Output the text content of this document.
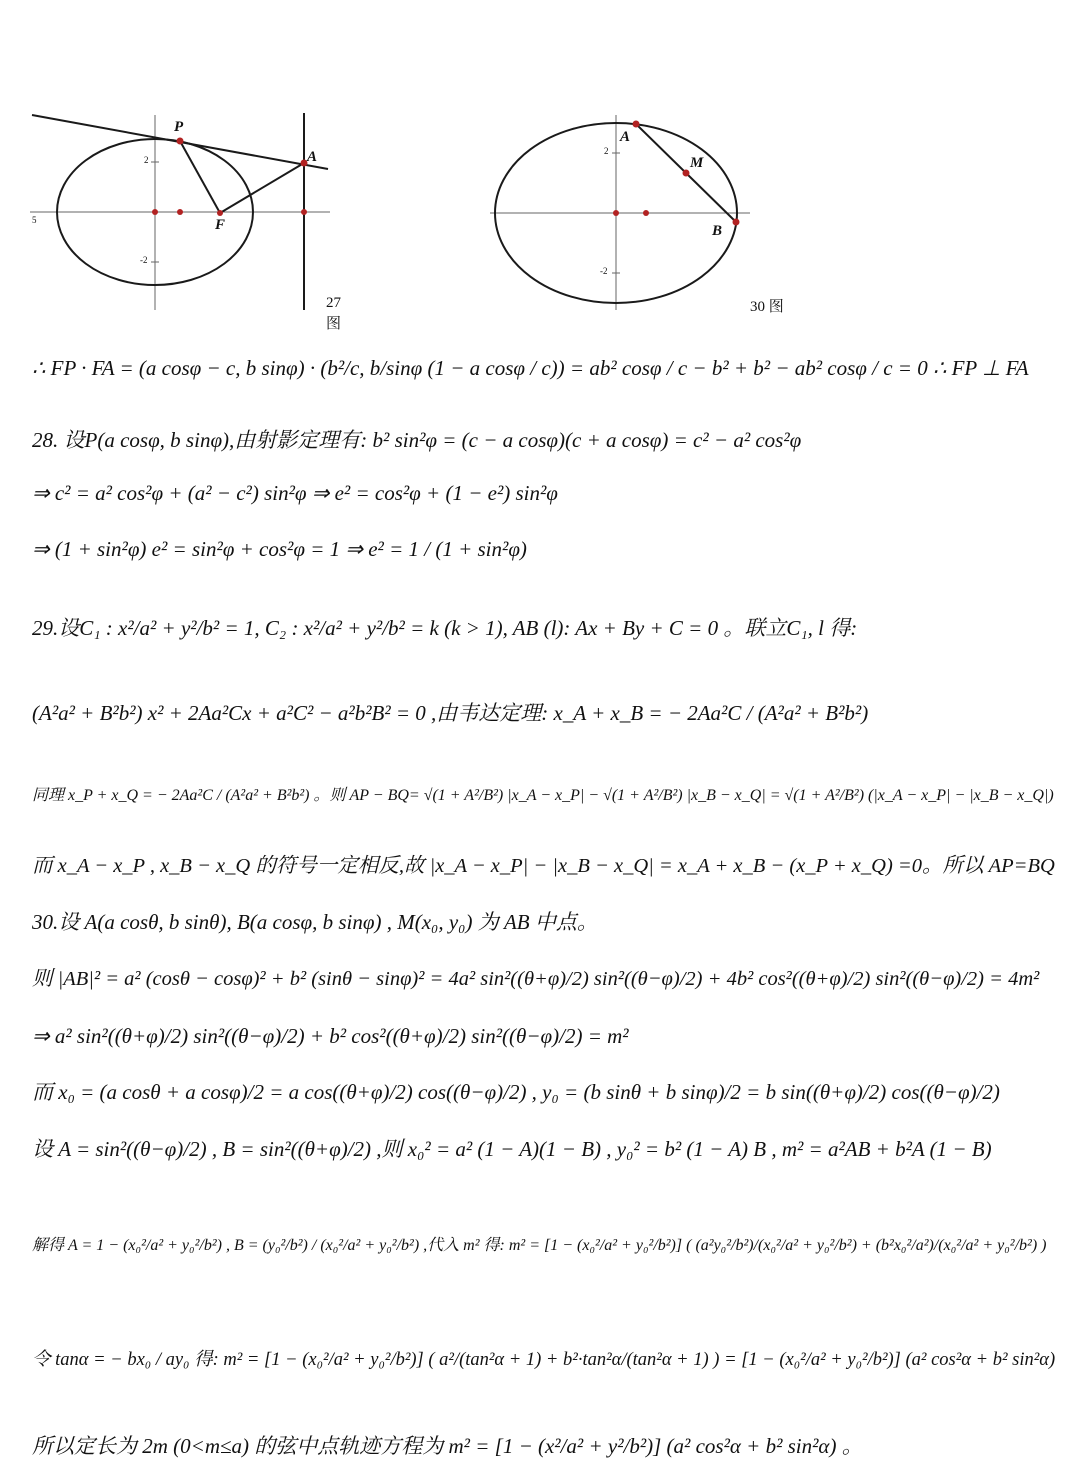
P
A
F
2
-2
5
27 图
A
M
B
2
-2
30 图
∴ FP · FA = (a cosφ − c, b sinφ) · (b²/c, b/sinφ (1 − a cosφ / c)) = ab² cosφ / c − b² + b² − ab² cosφ / c = 0 ∴ FP ⊥ FA
28. 设P(a cosφ, b sinφ),由射影定理有: b² sin²φ = (c − a cosφ)(c + a cosφ) = c² − a² cos²φ
⇒ c² = a² cos²φ + (a² − c²) sin²φ ⇒ e² = cos²φ + (1 − e²) sin²φ
⇒ (1 + sin²φ) e² = sin²φ + cos²φ = 1 ⇒ e² = 1 / (1 + sin²φ)
29.设C₁ : x²/a² + y²/b² = 1, C₂ : x²/a² + y²/b² = k (k > 1), AB (l): Ax + By + C = 0 。联立C₁, l 得:
(A²a² + B²b²) x² + 2Aa²Cx + a²C² − a²b²B² = 0 ,由韦达定理: x_A + x_B = − 2Aa²C / (A²a² + B²b²)
同理 x_P + x_Q = − 2Aa²C / (A²a² + B²b²) 。则 AP − BQ= √(1 + A²/B²) |x_A − x_P| − √(1 + A²/B²) |x_B − x_Q| = √(1 + A²/B²) (|x_A − x_P| − |x_B − x_Q|)
而 x_A − x_P , x_B − x_Q 的符号一定相反,故 |x_A − x_P| − |x_B − x_Q| = x_A + x_B − (x_P + x_Q) =0。所以 AP=BQ
30.设 A(a cosθ, b sinθ), B(a cosφ, b sinφ) , M(x₀, y₀) 为 AB 中点。
则 |AB|² = a² (cosθ − cosφ)² + b² (sinθ − sinφ)² = 4a² sin²((θ+φ)/2) sin²((θ−φ)/2) + 4b² cos²((θ+φ)/2) sin²((θ−φ)/2) = 4m²
⇒ a² sin²((θ+φ)/2) sin²((θ−φ)/2) + b² cos²((θ+φ)/2) sin²((θ−φ)/2) = m²
而 x₀ = (a cosθ + a cosφ)/2 = a cos((θ+φ)/2) cos((θ−φ)/2) , y₀ = (b sinθ + b sinφ)/2 = b sin((θ+φ)/2) cos((θ−φ)/2)
设 A = sin²((θ−φ)/2) , B = sin²((θ+φ)/2) ,则 x₀² = a² (1 − A)(1 − B) , y₀² = b² (1 − A) B , m² = a²AB + b²A (1 − B)
解得 A = 1 − (x₀²/a² + y₀²/b²) , B = (y₀²/b²) / (x₀²/a² + y₀²/b²) ,代入 m² 得: m² = [1 − (x₀²/a² + y₀²/b²)] ( (a²y₀²/b²)/(x₀²/a² + y₀²/b²) + (b²x₀²/a²)/(x₀²/a² + y₀²/b²) )
令 tanα = − bx₀ / ay₀ 得: m² = [1 − (x₀²/a² + y₀²/b²)] ( a²/(tan²α + 1) + b²·tan²α/(tan²α + 1) ) = [1 − (x₀²/a² + y₀²/b²)] (a² cos²α + b² sin²α)
所以定长为 2m (0<m≤a) 的弦中点轨迹方程为 m² = [1 − (x²/a² + y²/b²)] (a² cos²α + b² sin²α) 。
